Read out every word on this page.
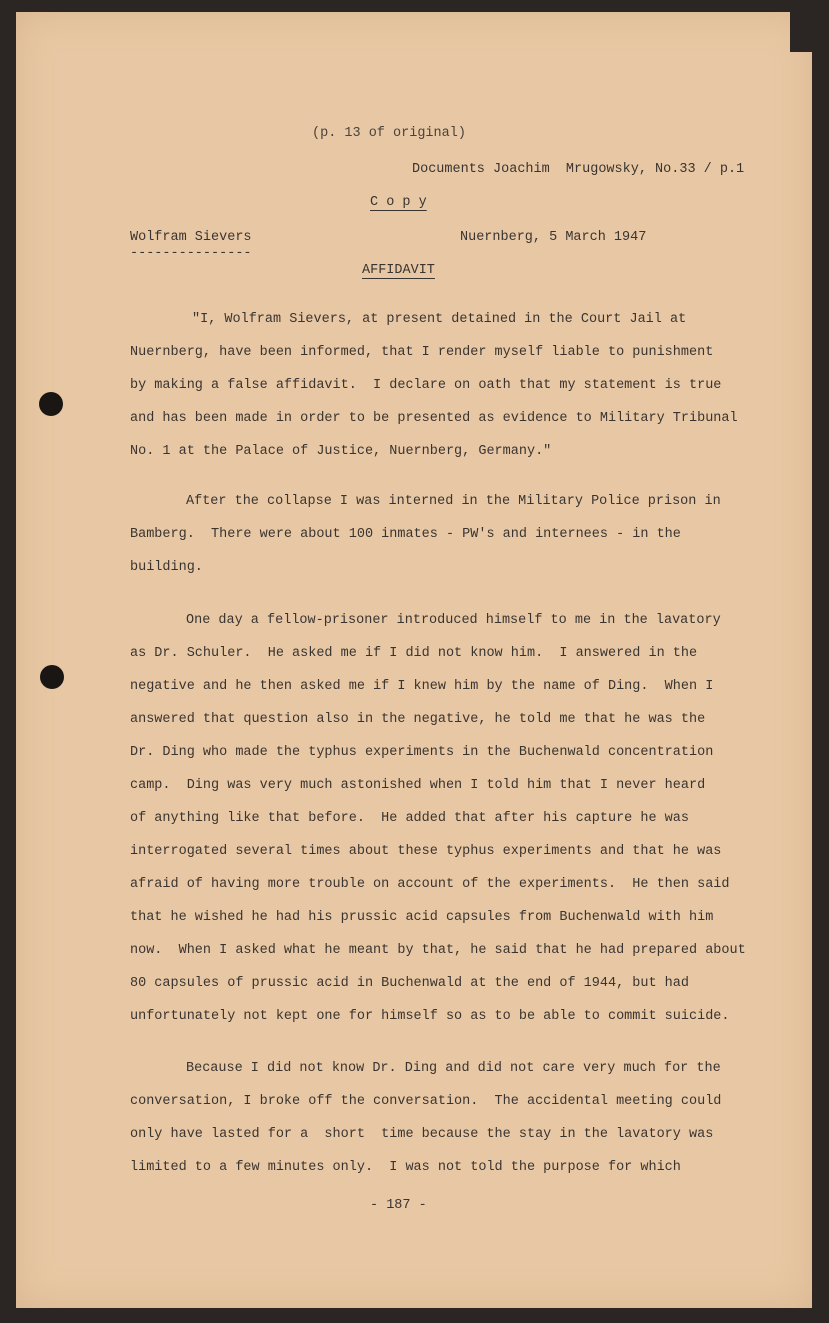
(p. 13 of original)

Documents Joachim  Mrugowsky, No.33 / p.1

C o p y

Wolfram Sievers

---------------

Nuernberg, 5 March 1947

AFFIDAVIT

"I, Wolfram Sievers, at present detained in the Court Jail at
Nuernberg, have been informed, that I render myself liable to punishment
by making a false affidavit.  I declare on oath that my statement is true
and has been made in order to be presented as evidence to Military Tribunal
No. 1 at the Palace of Justice, Nuernberg, Germany."
After the collapse I was interned in the Military Police prison in
Bamberg.  There were about 100 inmates - PW's and internees - in the
building.
One day a fellow-prisoner introduced himself to me in the lavatory
as Dr. Schuler.  He asked me if I did not know him.  I answered in the
negative and he then asked me if I knew him by the name of Ding.  When I
answered that question also in the negative, he told me that he was the
Dr. Ding who made the typhus experiments in the Buchenwald concentration
camp.  Ding was very much astonished when I told him that I never heard
of anything like that before.  He added that after his capture he was
interrogated several times about these typhus experiments and that he was
afraid of having more trouble on account of the experiments.  He then said
that he wished he had his prussic acid capsules from Buchenwald with him
now.  When I asked what he meant by that, he said that he had prepared about
80 capsules of prussic acid in Buchenwald at the end of 1944, but had
unfortunately not kept one for himself so as to be able to commit suicide.
Because I did not know Dr. Ding and did not care very much for the
conversation, I broke off the conversation.  The accidental meeting could
only have lasted for a  short  time because the stay in the lavatory was
limited to a few minutes only.  I was not told the purpose for which

- 187 -
